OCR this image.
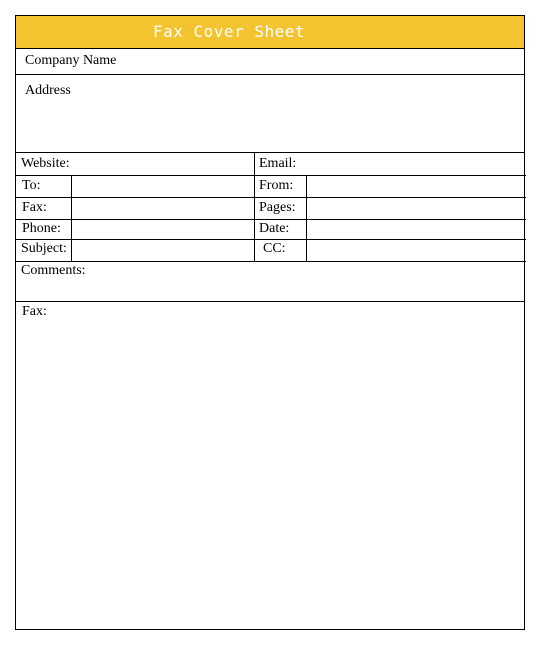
Fax Cover Sheet
Company Name
Address
Website:	Email:
To:	From:
Fax:	Pages:
Phone:	Date:
Subject:	CC:
Comments:
Fax:
